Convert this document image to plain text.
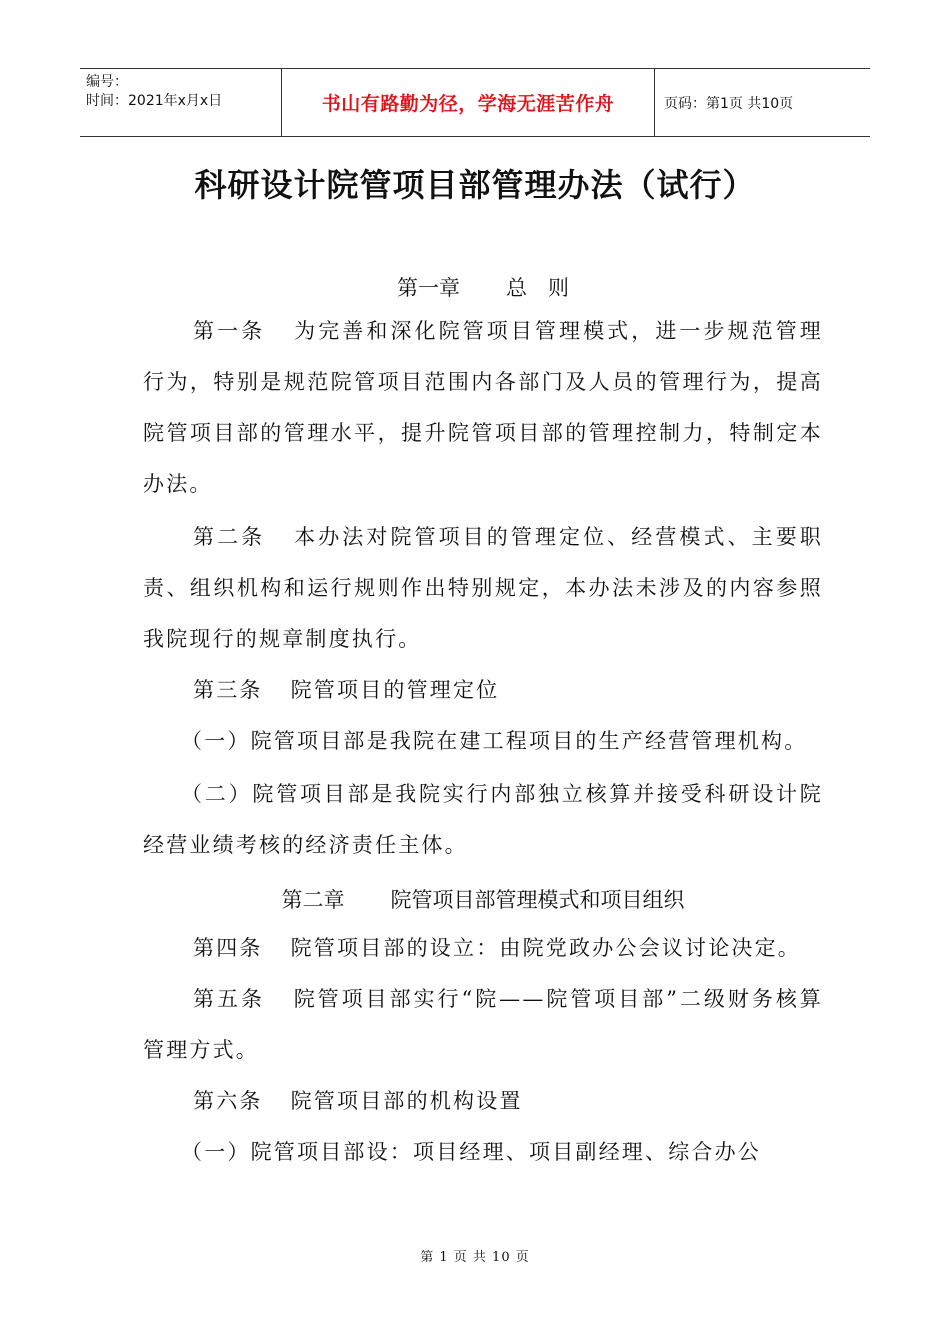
编号：
时间：2021年x月x日	书山有路勤为径，学海无涯苦作舟	页码：第1页 共10页
科研设计院管项目部管理办法（试行）
第一章 总　则
第一条 为完善和深化院管项目管理模式，进一步规范管理行为，特别是规范院管项目范围内各部门及人员的管理行为，提高院管项目部的管理水平，提升院管项目部的管理控制力，特制定本办法。
第二条 本办法对院管项目的管理定位、经营模式、主要职责、组织机构和运行规则作出特别规定，本办法未涉及的内容参照我院现行的规章制度执行。
第三条 院管项目的管理定位
（一）院管项目部是我院在建工程项目的生产经营管理机构。
（二）院管项目部是我院实行内部独立核算并接受科研设计院经营业绩考核的经济责任主体。
第二章 院管项目部管理模式和项目组织
第四条 院管项目部的设立：由院党政办公会议讨论决定。
第五条 院管项目部实行“院——院管项目部”二级财务核算管理方式。
第六条 院管项目部的机构设置
（一）院管项目部设：项目经理、项目副经理、综合办公
第 1 页 共 10 页
